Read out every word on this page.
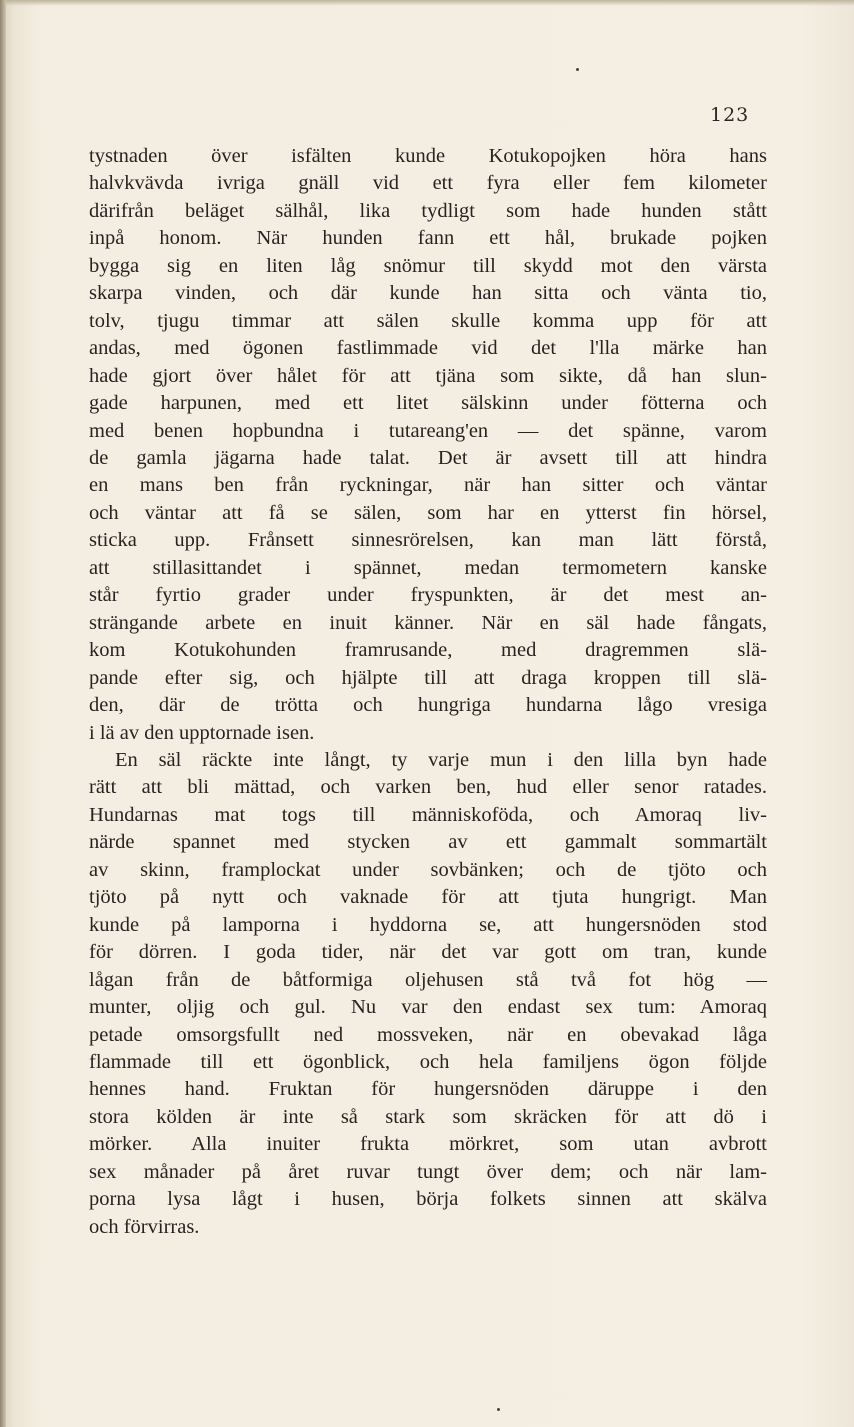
123
tystnaden över isfälten kunde Kotukopojken höra hans
halvkvävda ivriga gnäll vid ett fyra eller fem kilometer
därifrån beläget sälhål, lika tydligt som hade hunden stått
inpå honom. När hunden fann ett hål, brukade pojken
bygga sig en liten låg snömur till skydd mot den värsta
skarpa vinden, och där kunde han sitta och vänta tio,
tolv, tjugu timmar att sälen skulle komma upp för att
andas, med ögonen fastlimmade vid det l'lla märke han
hade gjort över hålet för att tjäna som sikte, då han slun-
gade harpunen, med ett litet sälskinn under fötterna och
med benen hopbundna i tutareang'en — det spänne, varom
de gamla jägarna hade talat. Det är avsett till att hindra
en mans ben från ryckningar, när han sitter och väntar
och väntar att få se sälen, som har en ytterst fin hörsel,
sticka upp. Frånsett sinnesrörelsen, kan man lätt förstå,
att stillasittandet i spännet, medan termometern kanske
står fyrtio grader under fryspunkten, är det mest an-
strängande arbete en inuit känner. När en säl hade fångats,
kom Kotukohunden framrusande, med dragremmen slä-
pande efter sig, och hjälpte till att draga kroppen till slä-
den, där de trötta och hungriga hundarna lågo vresiga
i lä av den upptornade isen.
En säl räckte inte långt, ty varje mun i den lilla byn hade
rätt att bli mättad, och varken ben, hud eller senor ratades.
Hundarnas mat togs till människoföda, och Amoraq liv-
närde spannet med stycken av ett gammalt sommartält
av skinn, framplockat under sovbänken; och de tjöto och
tjöto på nytt och vaknade för att tjuta hungrigt. Man
kunde på lamporna i hyddorna se, att hungersnöden stod
för dörren. I goda tider, när det var gott om tran, kunde
lågan från de båtformiga oljehusen stå två fot hög —
munter, oljig och gul. Nu var den endast sex tum: Amoraq
petade omsorgsfullt ned mossveken, när en obevakad låga
flammade till ett ögonblick, och hela familjens ögon följde
hennes hand. Fruktan för hungersnöden däruppe i den
stora kölden är inte så stark som skräcken för att dö i
mörker. Alla inuiter frukta mörkret, som utan avbrott
sex månader på året ruvar tungt över dem; och när lam-
porna lysa lågt i husen, börja folkets sinnen att skälva
och förvirras.
